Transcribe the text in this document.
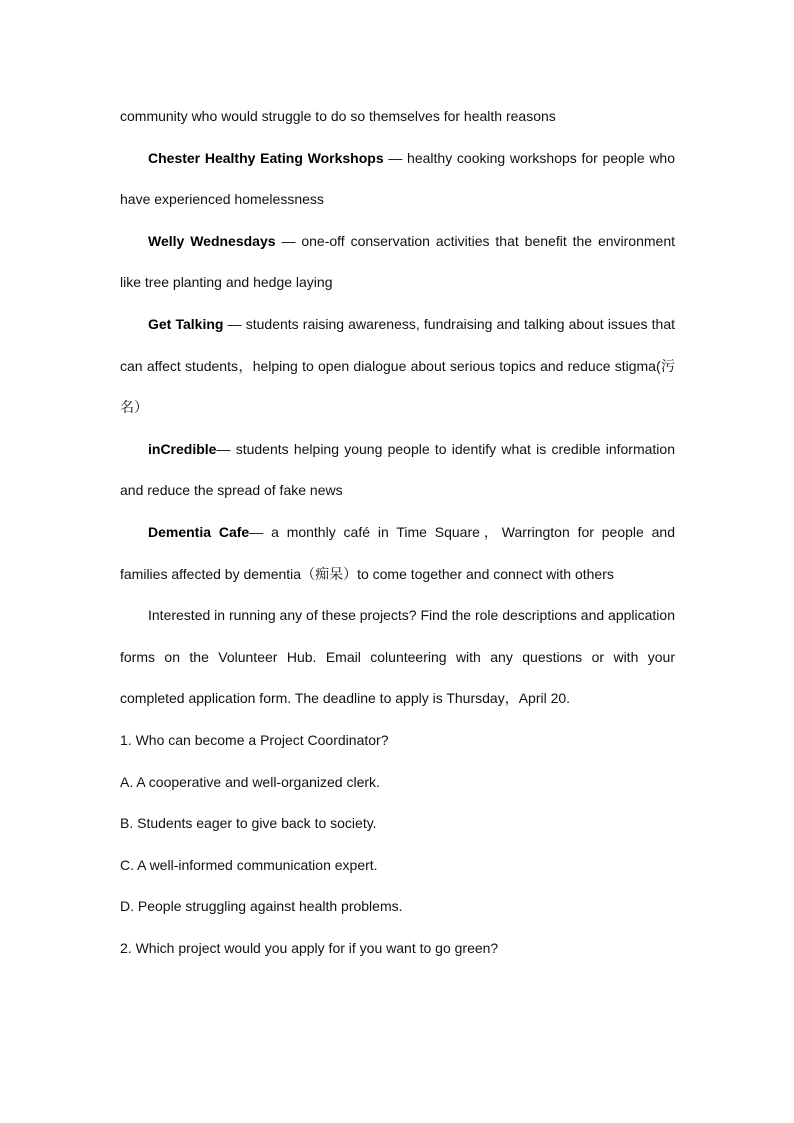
community who would struggle to do so themselves for health reasons

Chester Healthy Eating Workshops — healthy cooking workshops for people who have experienced homelessness

Welly Wednesdays — one-off conservation activities that benefit the environment like tree planting and hedge laying

Get Talking — students raising awareness, fundraising and talking about issues that can affect students，helping to open dialogue about serious topics and reduce stigma(污名）

inCredible— students helping young people to identify what is credible information and reduce the spread of fake news

Dementia Cafe— a monthly café in Time Square，Warrington for people and families affected by dementia（痴呆）to come together and connect with others

Interested in running any of these projects? Find the role descriptions and application forms on the Volunteer Hub. Email colunteering with any questions or with your completed application form. The deadline to apply is Thursday，April 20.

1. Who can become a Project Coordinator?

A. A cooperative and well-organized clerk.

B. Students eager to give back to society.

C. A well-informed communication expert.

D. People struggling against health problems.

2. Which project would you apply for if you want to go green?
